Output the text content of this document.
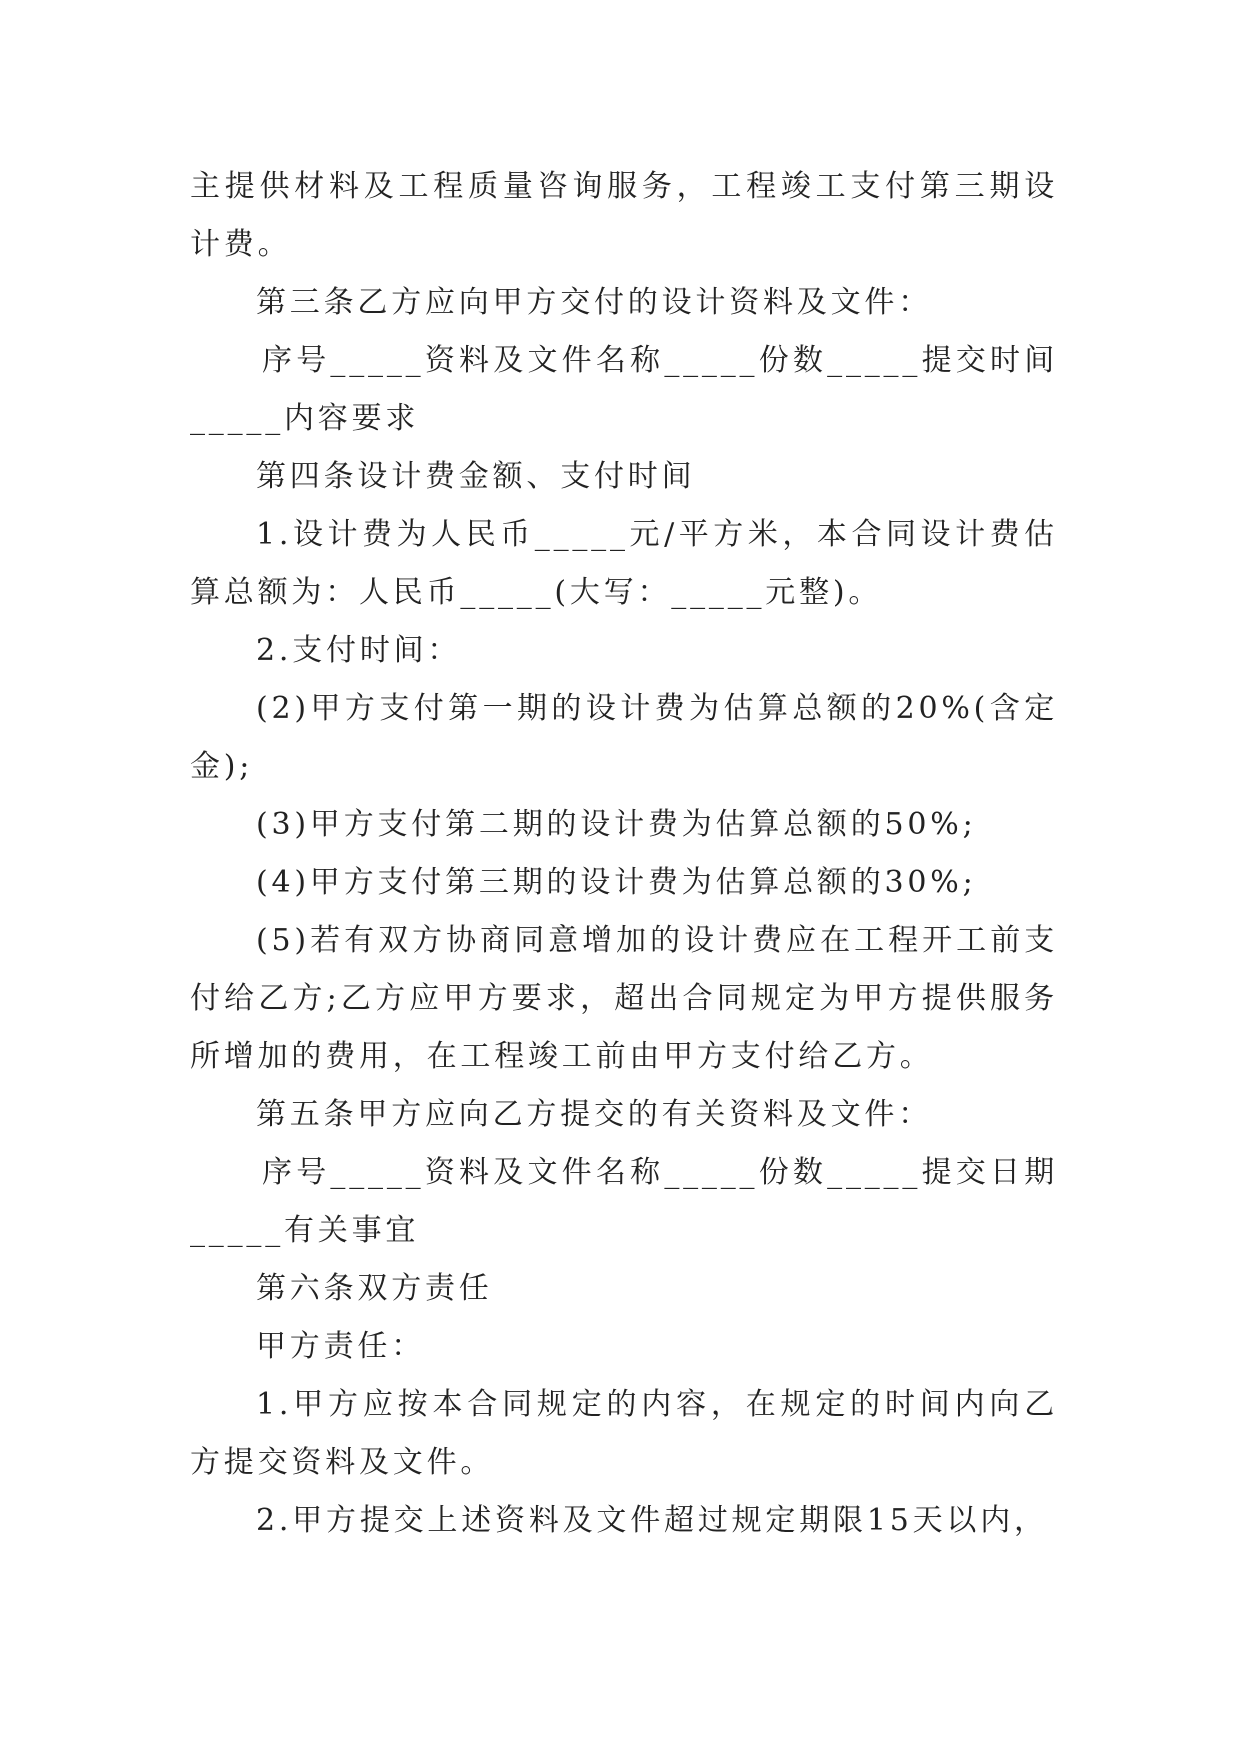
主提供材料及工程质量咨询服务，工程竣工支付第三期设计费。

第三条乙方应向甲方交付的设计资料及文件：

序号_____资料及文件名称_____份数_____提交时间_____内容要求

第四条设计费金额、支付时间

1.设计费为人民币_____元/平方米，本合同设计费估算总额为：人民币_____(大写：_____元整)。

2.支付时间：

(2)甲方支付第一期的设计费为估算总额的20%(含定金);

(3)甲方支付第二期的设计费为估算总额的50%;

(4)甲方支付第三期的设计费为估算总额的30%;

(5)若有双方协商同意增加的设计费应在工程开工前支付给乙方;乙方应甲方要求，超出合同规定为甲方提供服务所增加的费用，在工程竣工前由甲方支付给乙方。

第五条甲方应向乙方提交的有关资料及文件：

序号_____资料及文件名称_____份数_____提交日期_____有关事宜

第六条双方责任

甲方责任：

1.甲方应按本合同规定的内容，在规定的时间内向乙方提交资料及文件。

2.甲方提交上述资料及文件超过规定期限15天以内，
